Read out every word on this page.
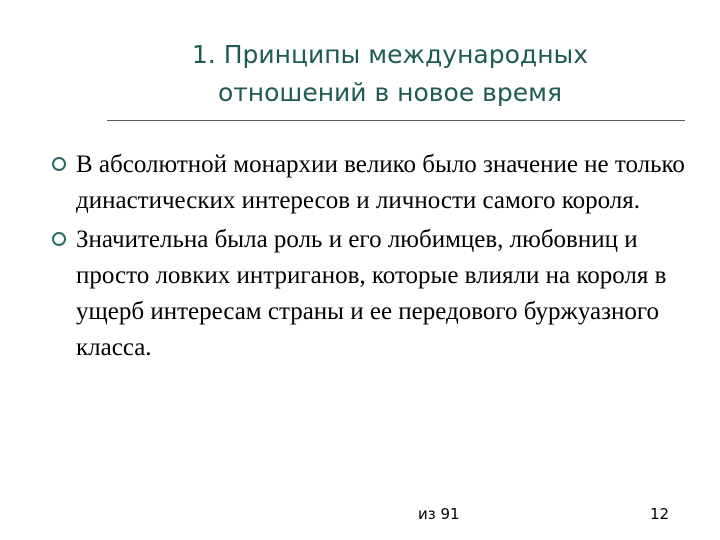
1. Принципы международных
отношений в новое время
В абсолютной монархии велико было значение не только династических интересов и личности самого короля.
Значительна была роль и его любимцев, любовниц и просто ловких интриганов, которые влияли на короля в ущерб интересам страны и ее передового буржуазного класса.
из 91	12
